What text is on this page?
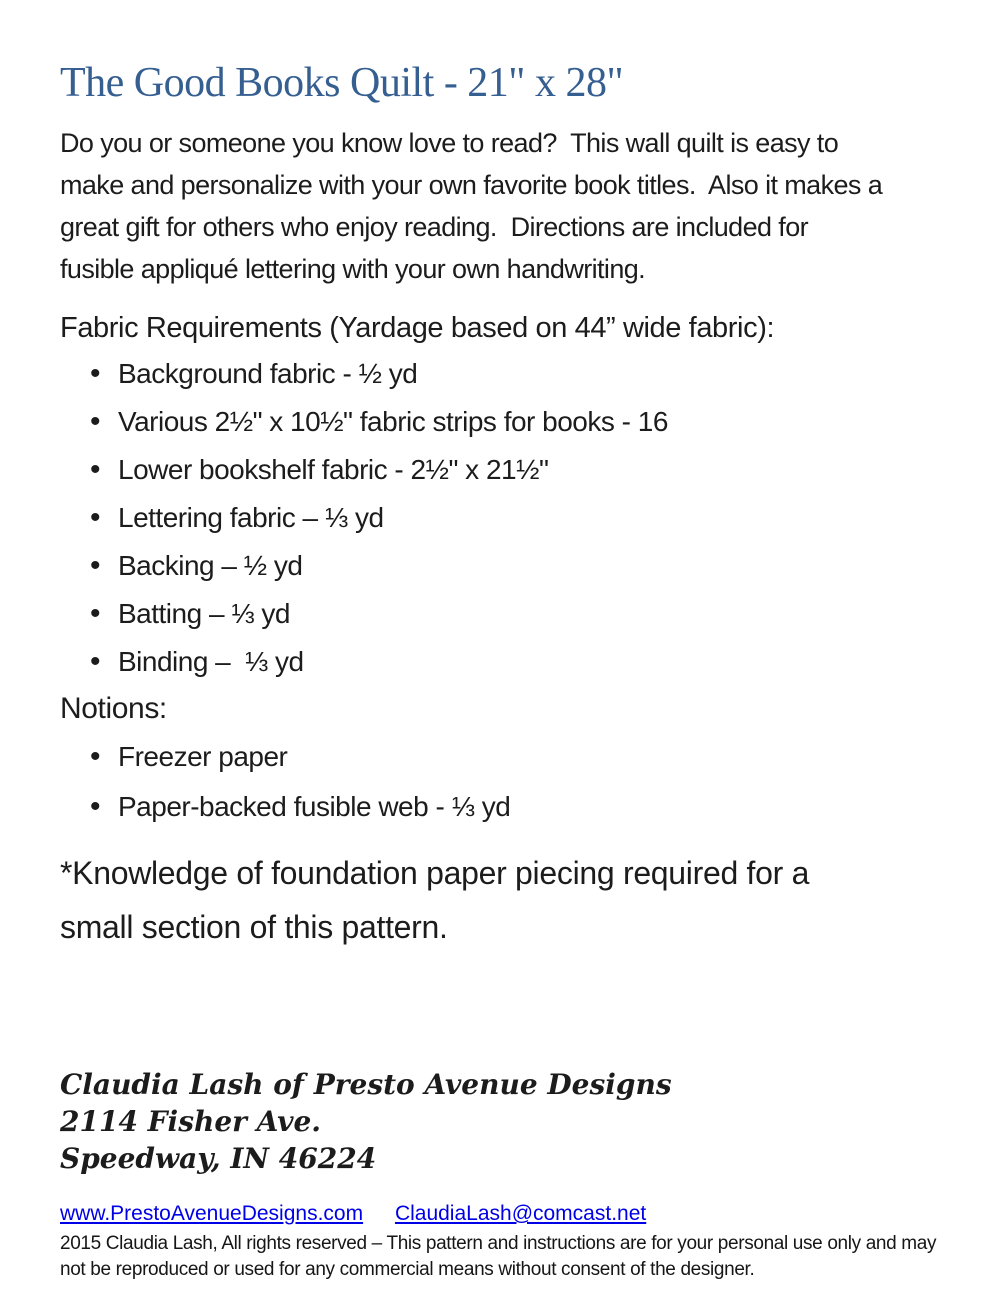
The Good Books Quilt - 21" x 28"
Do you or someone you know love to read?  This wall quilt is easy to
make and personalize with your own favorite book titles.  Also it makes a
great gift for others who enjoy reading.  Directions are included for
fusible appliqué lettering with your own handwriting.
Fabric Requirements (Yardage based on 44” wide fabric):
• Background fabric - ½ yd
• Various 2½" x 10½" fabric strips for books - 16
• Lower bookshelf fabric - 2½" x 21½"
• Lettering fabric – ⅓ yd
• Backing – ½ yd
• Batting – ⅓ yd
• Binding –  ⅓ yd
Notions:
• Freezer paper
• Paper-backed fusible web - ⅓ yd
*Knowledge of foundation paper piecing required for a
small section of this pattern.
Claudia Lash of Presto Avenue Designs
2114 Fisher Ave.
Speedway, IN 46224
www.PrestoAvenueDesigns.com ClaudiaLash@comcast.net
2015 Claudia Lash, All rights reserved – This pattern and instructions are for your personal use only and may
not be reproduced or used for any commercial means without consent of the designer.
